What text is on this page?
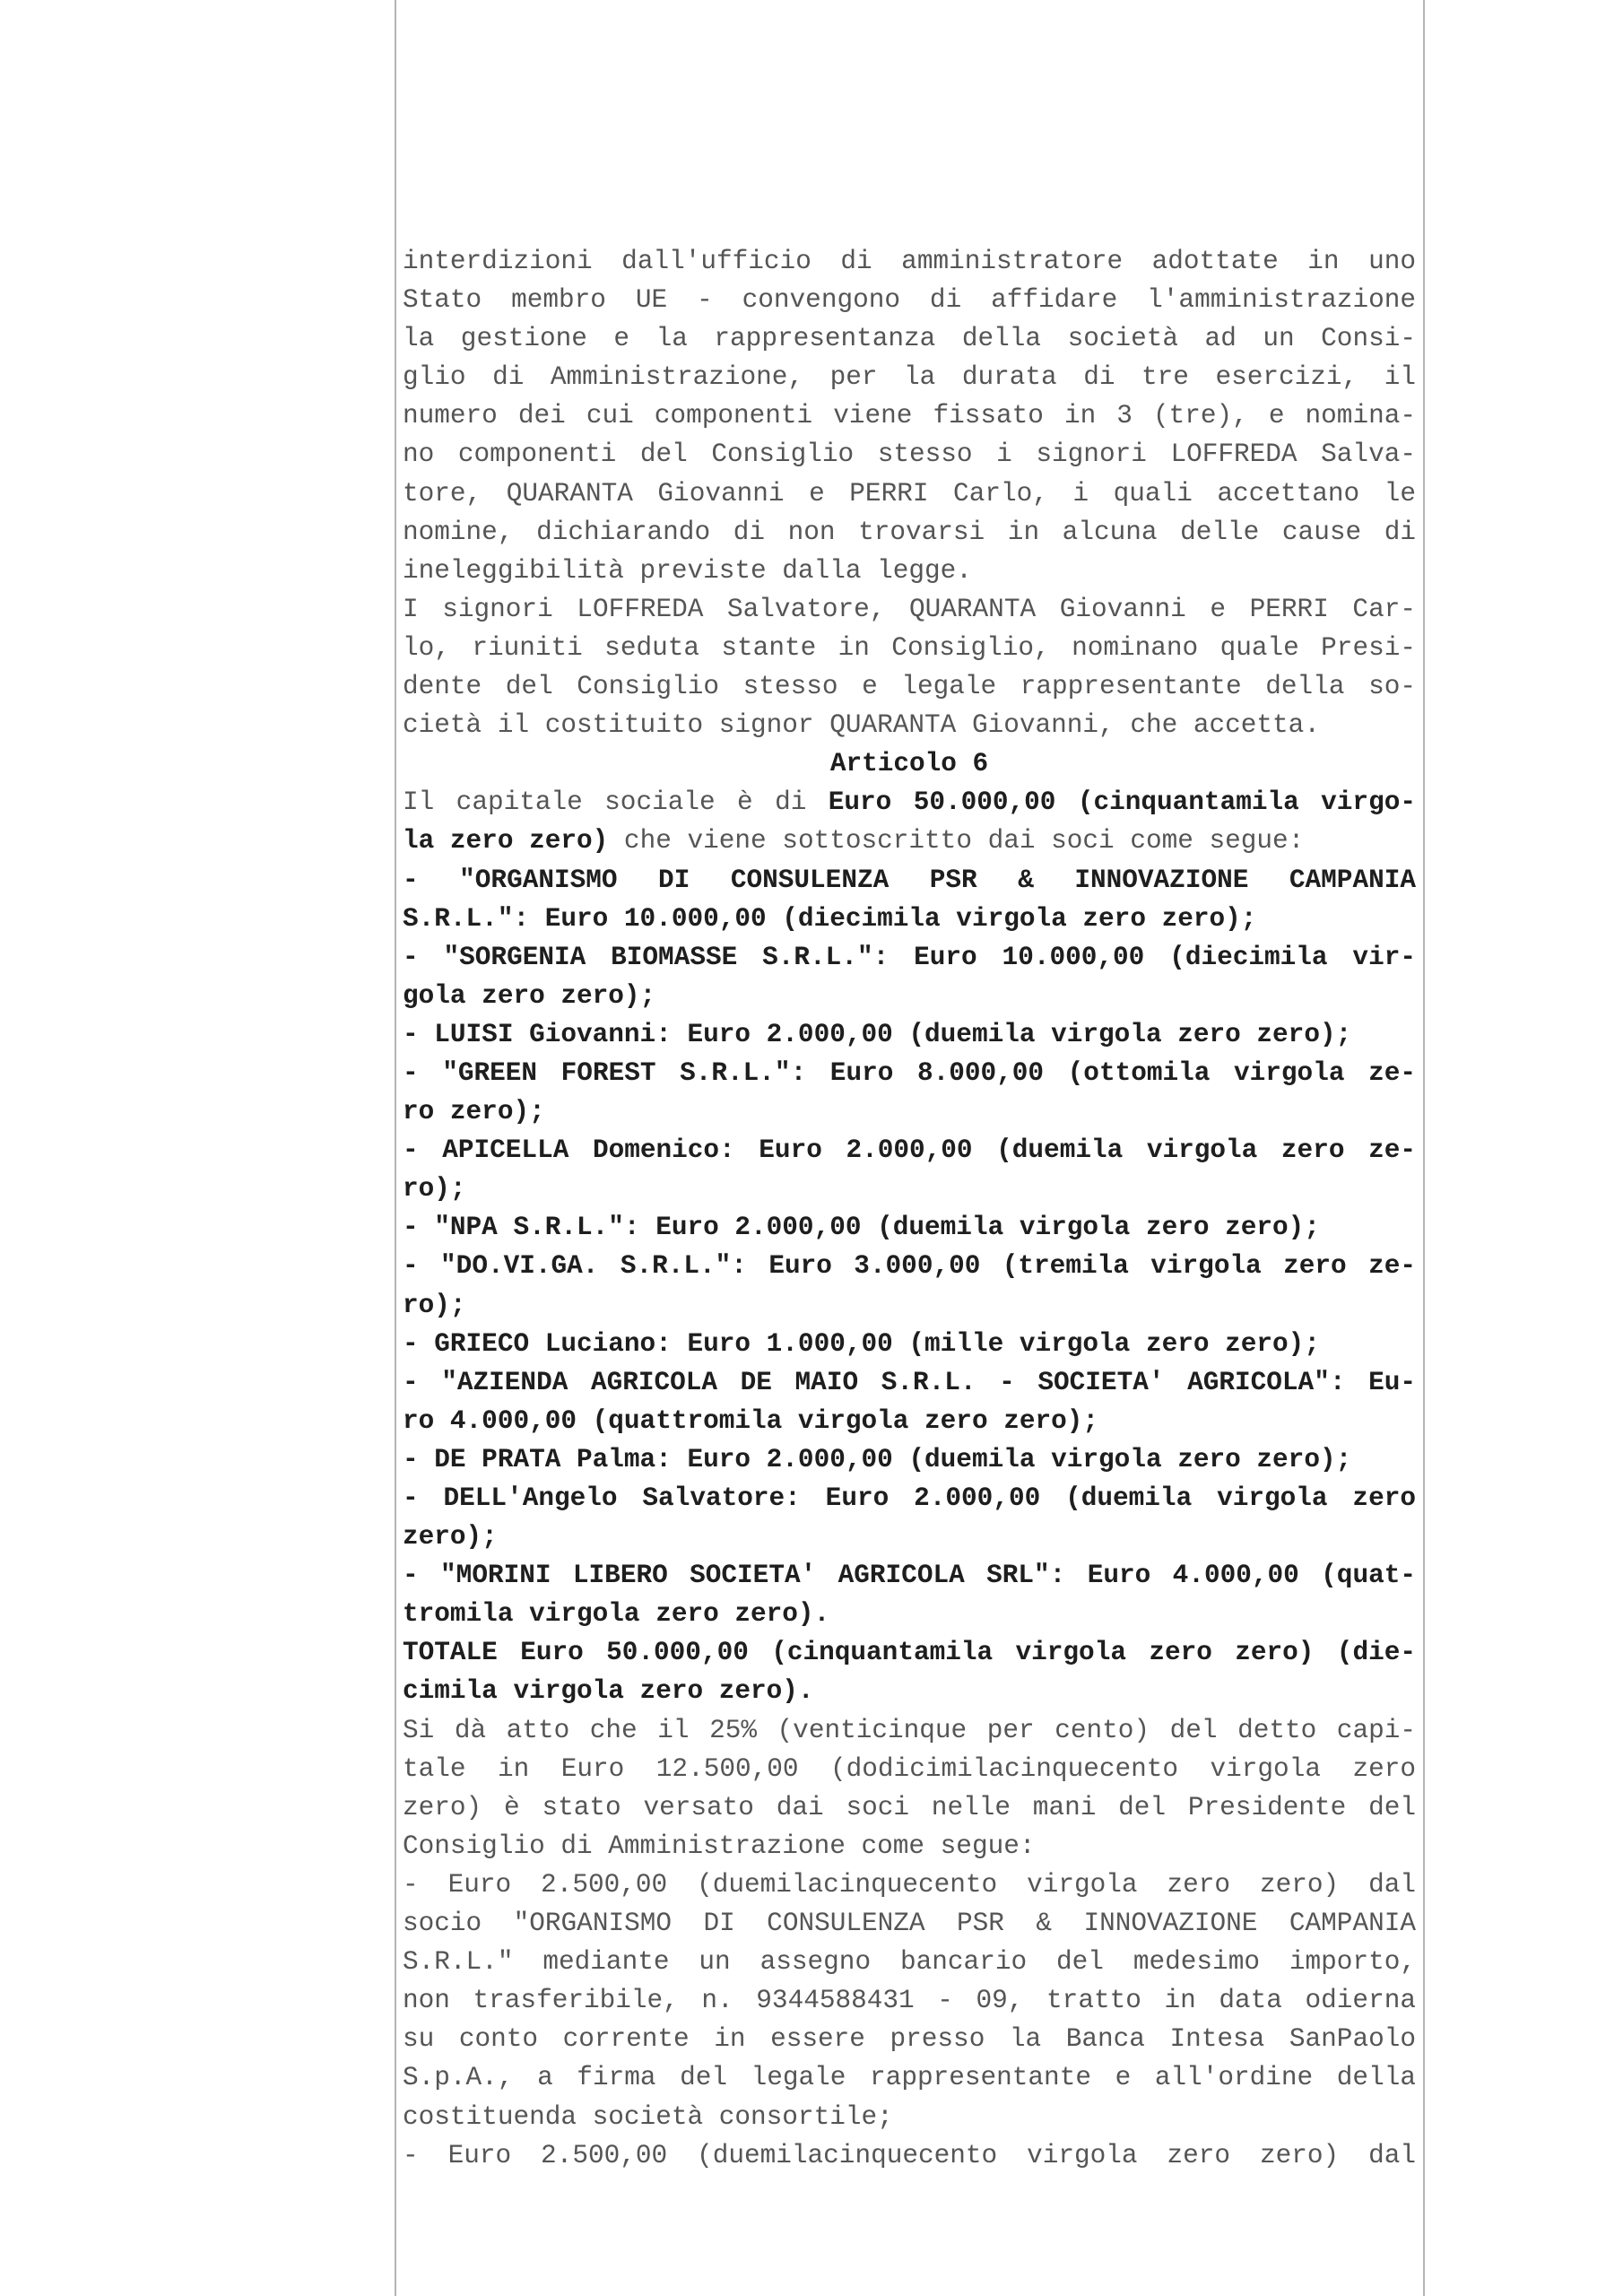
interdizioni dall'ufficio di amministratore adottate in uno
Stato membro UE - convengono di affidare l'amministrazione
la gestione e la rappresentanza della società ad un Consi-
glio di Amministrazione, per la durata di tre esercizi, il
numero dei cui componenti viene fissato in 3 (tre), e nomina-
no componenti del Consiglio stesso i signori LOFFREDA Salva-
tore, QUARANTA Giovanni e PERRI Carlo, i quali accettano le
nomine, dichiarando di non trovarsi in alcuna delle cause di
ineleggibilità previste dalla legge.
I signori LOFFREDA Salvatore, QUARANTA Giovanni e PERRI Car-
lo, riuniti seduta stante in Consiglio, nominano quale Presi-
dente del Consiglio stesso e legale rappresentante della so-
cietà il costituito signor QUARANTA Giovanni, che accetta.
Articolo 6
Il capitale sociale è di Euro 50.000,00 (cinquantamila virgo-
la zero zero) che viene sottoscritto dai soci come segue:
- "ORGANISMO DI CONSULENZA PSR & INNOVAZIONE CAMPANIA
S.R.L.": Euro 10.000,00 (diecimila virgola zero zero);
- "SORGENIA BIOMASSE S.R.L.": Euro 10.000,00 (diecimila vir-
gola zero zero);
- LUISI Giovanni: Euro 2.000,00 (duemila virgola zero zero);
- "GREEN FOREST S.R.L.": Euro 8.000,00 (ottomila virgola ze-
ro zero);
- APICELLA Domenico: Euro 2.000,00 (duemila virgola zero ze-
ro);
- "NPA S.R.L.": Euro 2.000,00 (duemila virgola zero zero);
- "DO.VI.GA. S.R.L.": Euro 3.000,00 (tremila virgola zero ze-
ro);
- GRIECO Luciano: Euro 1.000,00 (mille virgola zero zero);
- "AZIENDA AGRICOLA DE MAIO S.R.L. - SOCIETA' AGRICOLA": Eu-
ro 4.000,00 (quattromila virgola zero zero);
- DE PRATA Palma: Euro 2.000,00 (duemila virgola zero zero);
- DELL'Angelo Salvatore: Euro 2.000,00 (duemila virgola zero
zero);
- "MORINI LIBERO SOCIETA' AGRICOLA SRL": Euro 4.000,00 (quat-
tromila virgola zero zero).
TOTALE Euro 50.000,00 (cinquantamila virgola zero zero) (die-
cimila virgola zero zero).
Si dà atto che il 25% (venticinque per cento) del detto capi-
tale in Euro 12.500,00 (dodicimilacinquecento virgola zero
zero) è stato versato dai soci nelle mani del Presidente del
Consiglio di Amministrazione come segue:
- Euro 2.500,00 (duemilacinquecento virgola zero zero) dal
socio "ORGANISMO DI CONSULENZA PSR & INNOVAZIONE CAMPANIA
S.R.L." mediante un assegno bancario del medesimo importo,
non trasferibile, n. 9344588431 - 09, tratto in data odierna
su conto corrente in essere presso la Banca Intesa SanPaolo
S.p.A., a firma del legale rappresentante e all'ordine della
costituenda società consortile;
- Euro 2.500,00 (duemilacinquecento virgola zero zero) dal
